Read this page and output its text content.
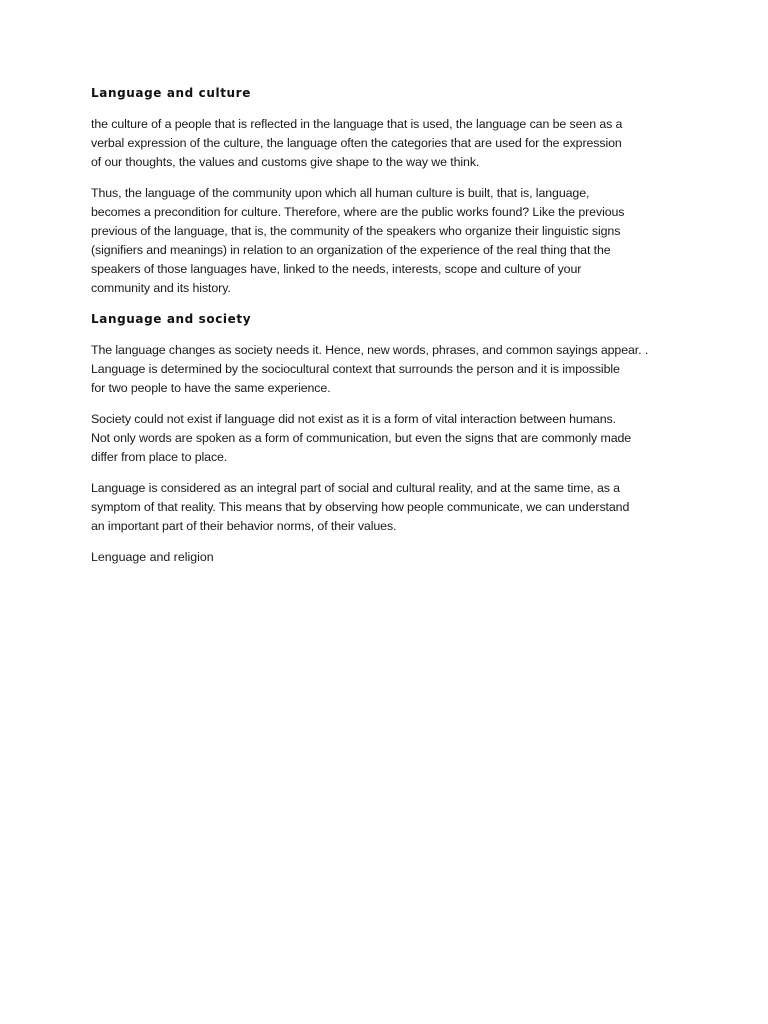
Language and culture

the culture of a people that is reflected in the language that is used, the language can be seen as a
verbal expression of the culture, the language often the categories that are used for the expression
of our thoughts, the values and customs give shape to the way we think.

Thus, the language of the community upon which all human culture is built, that is, language,
becomes a precondition for culture. Therefore, where are the public works found? Like the previous
previous of the language, that is, the community of the speakers who organize their linguistic signs
(signifiers and meanings) in relation to an organization of the experience of the real thing that the
speakers of those languages have, linked to the needs, interests, scope and culture of your
community and its history.

Language and society

The language changes as society needs it. Hence, new words, phrases, and common sayings appear. .
Language is determined by the sociocultural context that surrounds the person and it is impossible
for two people to have the same experience.

Society could not exist if language did not exist as it is a form of vital interaction between humans.
Not only words are spoken as a form of communication, but even the signs that are commonly made
differ from place to place.

Language is considered as an integral part of social and cultural reality, and at the same time, as a
symptom of that reality. This means that by observing how people communicate, we can understand
an important part of their behavior norms, of their values.

Lenguage and religion
